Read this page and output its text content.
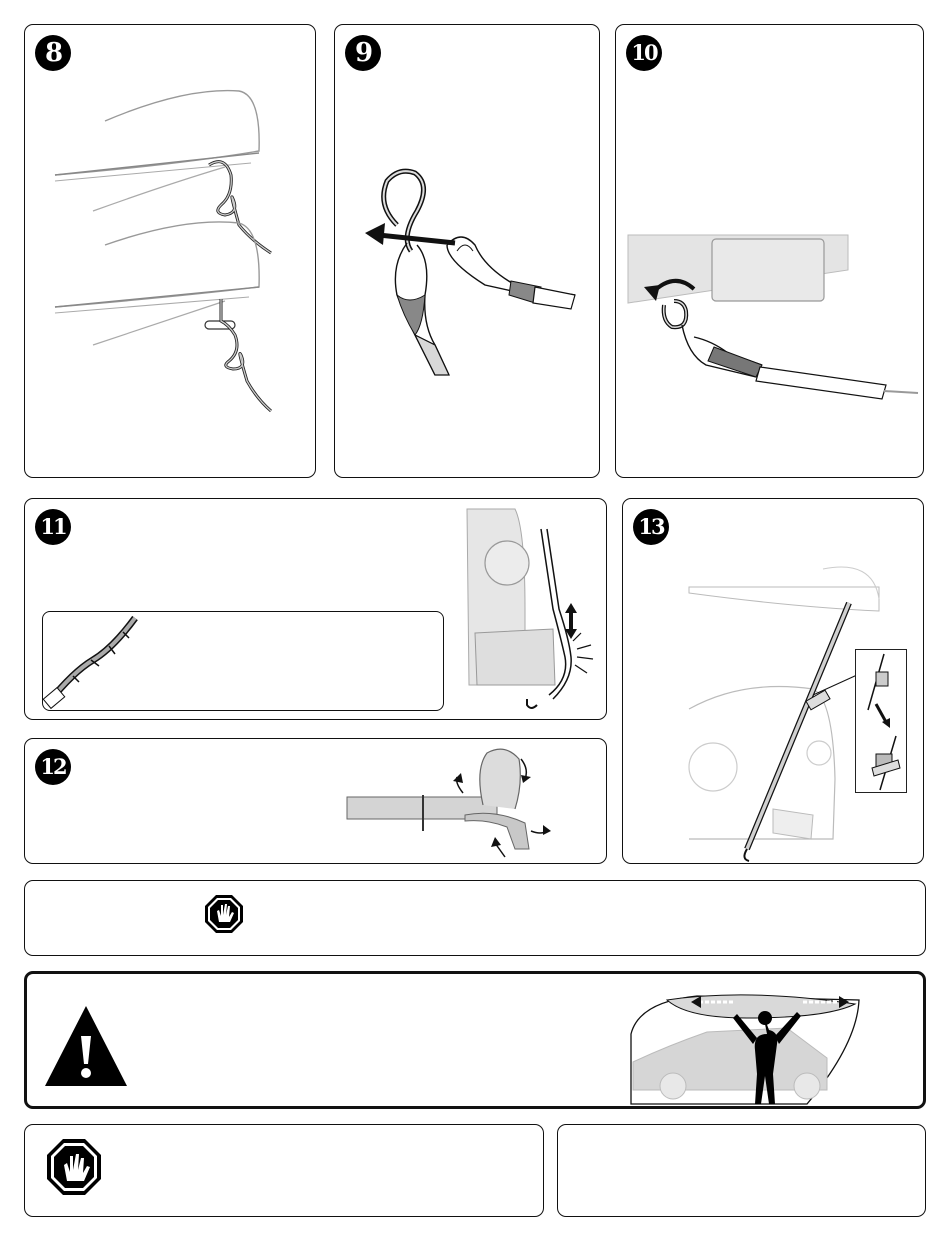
8	9	10
11
12
13
